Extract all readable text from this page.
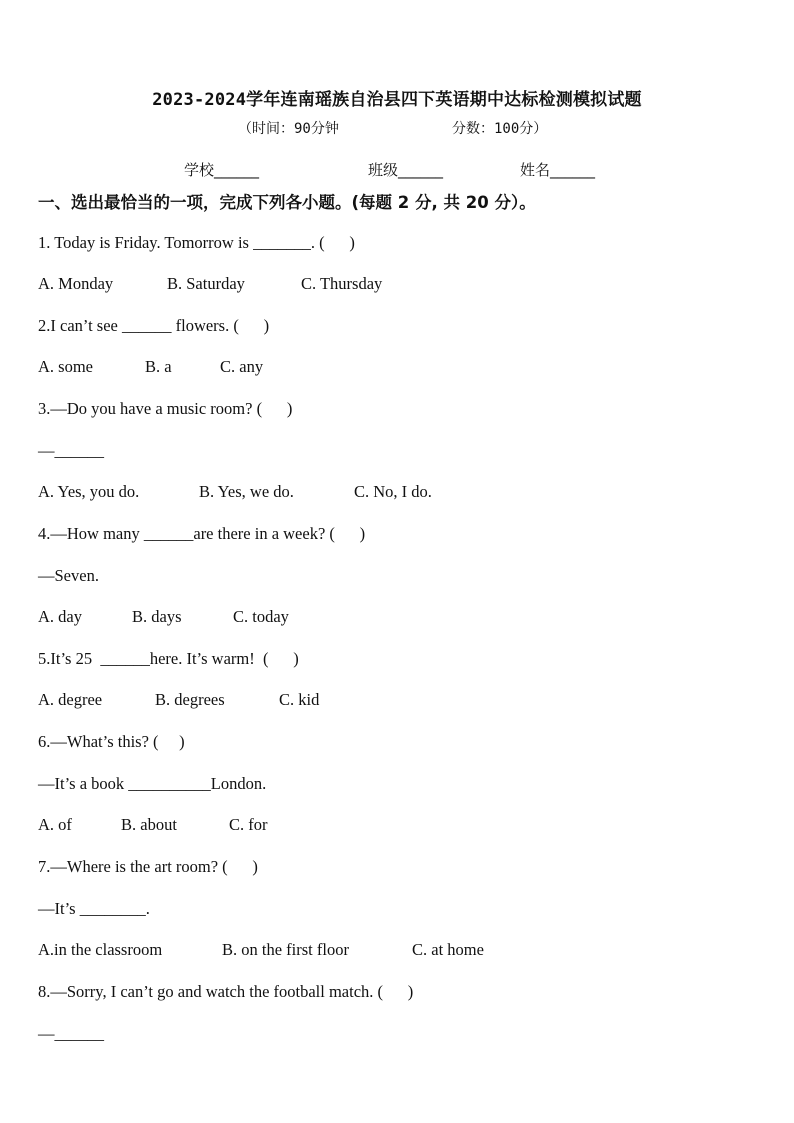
2023-2024学年连南瑶族自治县四下英语期中达标检测模拟试题
（时间：90分钟	分数：100分）
学校______	班级______	姓名______
一、选出最恰当的一项，完成下列各小题。(每题 2 分, 共 20 分）。
1. Today is Friday. Tomorrow is _______. (      )
A. Monday	B. Saturday	C. Thursday
2.I can’t see ______ flowers. (      )
A. some	B. a	C. any
3.—Do you have a music room? (      )
—______
A. Yes, you do.	B. Yes, we do.	C. No, I do.
4.—How many ______are there in a week? (      )
—Seven.
A. day	B. days	C. today
5.It’s 25  ______here. It’s warm!  (      )
A. degree	B. degrees	C. kid
6.—What’s this? (     )
—It’s a book __________London.
A. of	B. about	C. for
7.—Where is the art room? (      )
—It’s ________.
A.in the classroom	B. on the first floor	C. at home
8.—Sorry, I can’t go and watch the football match. (      )
—______
